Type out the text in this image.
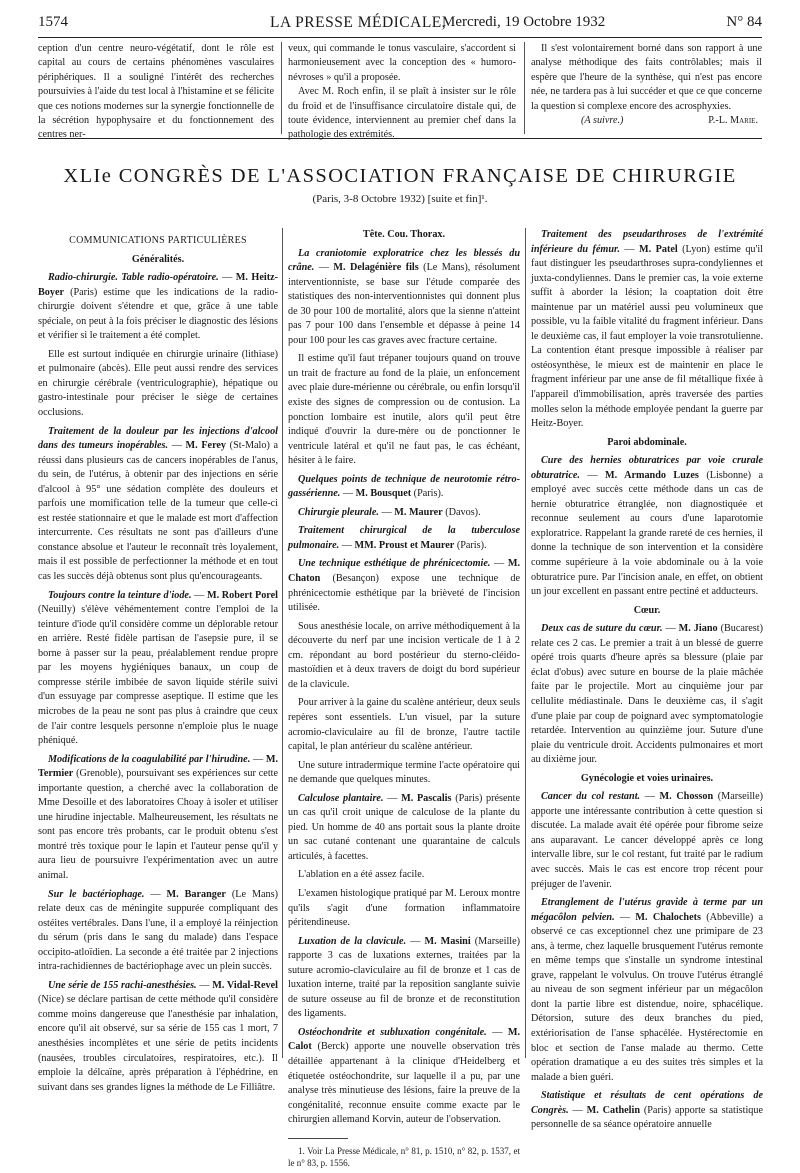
1574	LA PRESSE MÉDICALE,
Mercredi, 19 Octobre 1932	N° 84

ception d'un centre neuro-végétatif, dont le rôle est capital au cours de certains phénomènes vasculaires périphériques. Il a souligné l'intérêt des recherches poursuivies à l'aide du test local à l'histamine et se félicite que ces notions modernes sur la synergie fonctionnelle de la sécrétion hypophysaire et du fonctionnement des centres ner-

veux, qui commande le tonus vasculaire, s'accordent si harmonieusement avec la conception des « humoro-névroses » qu'il a proposée.

Avec M. Roch enfin, il se plaît à insister sur le rôle du froid et de l'insuffisance circulatoire distale qui, de toute évidence, interviennent au premier chef dans la pathologie des extrémités.

Il s'est volontairement borné dans son rapport à une analyse méthodique des faits contrôlables; mais il espère que l'heure de la synthèse, qui n'est pas encore née, ne tardera pas à lui succéder et que ce que concerne la question si complexe encore des acrosphyxies.

(A suivre.)	P.-L. Marie.

XLIe CONGRÈS DE L'ASSOCIATION FRANÇAISE DE CHIRURGIE
(Paris, 3-8 Octobre 1932) [suite et fin]¹.
COMMUNICATIONS PARTICULIÈRES
Généralités.

Radio-chirurgie. Table radio-opératoire. — M. Heitz-Boyer (Paris) estime que les indications de la radio-chirurgie doivent s'étendre et que, grâce à une table spéciale, on peut à la fois préciser le diagnostic des lésions et vérifier si le traitement a été complet.

Elle est surtout indiquée en chirurgie urinaire (lithiase) et pulmonaire (abcès). Elle peut aussi rendre des services en chirurgie cérébrale (ventriculographie), hépatique ou gastro-intestinale pour préciser le siège de certaines occlusions.

Traitement de la douleur par les injections d'alcool dans des tumeurs inopérables. — M. Ferey (St-Malo) a réussi dans plusieurs cas de cancers inopérables de l'anus, du sein, de l'utérus, à obtenir par des injections en série d'alcool à 95° une sédation complète des douleurs et parfois une momification telle de la tumeur que celle-ci est restée stationnaire et que le malade est mort d'affection intercurrente. Ces résultats ne sont pas d'ailleurs d'une constance absolue et l'auteur le reconnaît très loyalement, mais il est possible de perfectionner la méthode et en tout cas les succès déjà obtenus sont plus qu'encourageants.

Toujours contre la teinture d'iode. — M. Robert Porel (Neuilly) s'élève véhémentement contre l'emploi de la teinture d'iode qu'il considère comme un déplorable retour en arrière. Resté fidèle partisan de l'asepsie pure, il se borne à passer sur la peau, préalablement rendue propre par les moyens hygiéniques banaux, un coup de compresse stérile imbibée de savon liquide stérile suivi d'un essuyage par compresse aseptique. Il estime que les microbes de la peau ne sont pas plus à craindre que ceux de l'air contre lesquels personne n'emploie plus le nuage phéniqué.

Modifications de la coagulabilité par l'hirudine. — M. Termier (Grenoble), poursuivant ses expériences sur cette importante question, a cherché avec la collaboration de Mme Desoille et des laboratoires Choay à isoler et utiliser une hirudine injectable. Malheureusement, les résultats ne sont pas encore très probants, car le produit obtenu s'est montré très toxique pour le lapin et l'auteur pense qu'il y aura lieu de poursuivre l'expérimentation avec un autre animal.

Sur le bactériophage. — M. Baranger (Le Mans) relate deux cas de méningite suppurée compliquant des ostéites vertébrales. Dans l'une, il a employé la réinjection du sérum (pris dans le sang du malade) dans l'espace occipito-atloïdien. La seconde a été traitée par 2 injections intra-rachidiennes de bactériophage avec un plein succès.

Une série de 155 rachi-anesthésies. — M. Vidal-Revel (Nice) se déclare partisan de cette méthode qu'il considère comme moins dangereuse que l'anesthésie par inhalation, encore qu'il ait observé, sur sa série de 155 cas 1 mort, 7 anesthésies incomplètes et une série de petits incidents (nausées, troubles circulatoires, respiratoires, etc.). Il emploie la délcaïne, après préparation à l'éphédrine, en suivant dans ses grandes lignes la méthode de Le Filliâtre.

Tête. Cou. Thorax.

La craniotomie exploratrice chez les blessés du crâne. — M. Delagénière fils (Le Mans), résolument interventionniste, se base sur l'étude comparée des statistiques des non-interventionnistes qui donnent plus de 30 pour 100 de mortalité, alors que la sienne n'atteint pas 7 pour 100 dans l'ensemble et dépasse à peine 14 pour 100 pour les cas graves avec fracture certaine.

Il estime qu'il faut trépaner toujours quand on trouve un trait de fracture au fond de la plaie, un enfoncement avec plaie dure-mérienne ou cérébrale, ou enfin lorsqu'il existe des signes de compression ou de contusion. La ponction lombaire est inutile, alors qu'il peut être indiqué d'ouvrir la dure-mère ou de ponctionner le ventricule latéral et qu'il ne faut pas, le cas échéant, hésiter à le faire.

Quelques points de technique de neurotomie rétro-gassérienne. — M. Bousquet (Paris).

Chirurgie pleurale. — M. Maurer (Davos).

Traitement chirurgical de la tuberculose pulmonaire. — MM. Proust et Maurer (Paris).

Une technique esthétique de phrénicectomie. — M. Chaton (Besançon) expose une technique de phrénicectomie esthétique par la brièveté de l'incision utilisée.

Sous anesthésie locale, on arrive méthodiquement à la découverte du nerf par une incision verticale de 1 à 2 cm. répondant au bord postérieur du sterno-cléido-mastoïdien et à deux travers de doigt du bord supérieur de la clavicule.

Pour arriver à la gaine du scalène antérieur, deux seuls repères sont essentiels. L'un visuel, par la suture acromio-claviculaire au fil de bronze, l'autre tactile capital, le plan antérieur du scalène antérieur.

Une suture intradermique termine l'acte opératoire qui ne demande que quelques minutes.

Calculose plantaire. — M. Pascalis (Paris) présente un cas qu'il croit unique de calculose de la plante du pied. Un homme de 40 ans portait sous la plante droite un sac cutané contenant une quarantaine de calculs articulés, à facettes.

L'ablation en a été assez facile.

L'examen histologique pratiqué par M. Leroux montre qu'ils s'agit d'une formation inflammatoire péritendineuse.

Luxation de la clavicule. — M. Masini (Marseille) rapporte 3 cas de luxations externes, traitées par la suture acromio-claviculaire au fil de bronze et 1 cas de luxation interne, traité par la reposition sanglante suivie de suture osseuse au fil de bronze et de reconstitution des ligaments.

Ostéochondrite et subluxation congénitale. — M. Calot (Berck) apporte une nouvelle observation très détaillée appartenant à la clinique d'Heidelberg et étiquetée ostéochondrite, sur laquelle il a pu, par une analyse très minutieuse des lésions, faire la preuve de la congénitalité, reconnue ensuite comme exacte par le chirurgien allemand Korvin, auteur de l'observation.

1. Voir La Presse Médicale, n° 81, p. 1510, n° 82, p. 1537, et le n° 83, p. 1556.

Traitement des pseudarthroses de l'extrémité inférieure du fémur. — M. Patel (Lyon) estime qu'il faut distinguer les pseudarthroses supra-condyliennes et juxta-condyliennes. Dans le premier cas, la voie externe suffit à aborder la lésion; la coaptation doit être maintenue par un matériel aussi peu volumineux que possible, vu la faible vitalité du fragment inférieur. Dans le deuxième cas, il faut employer la voie transrotulienne. La contention étant presque impossible à réaliser par ostéosynthèse, le mieux est de maintenir en place le fragment inférieur par une anse de fil métallique fixée à l'appareil d'immobilisation, après traversée des parties molles selon la méthode employée pendant la guerre par Heitz-Boyer.

Paroi abdominale.

Cure des hernies obturatrices par voie crurale obturatrice. — M. Armando Luzes (Lisbonne) a employé avec succès cette méthode dans un cas de hernie obturatrice étranglée, non diagnostiquée et reconnue seulement au cours d'une laparotomie exploratrice. Rappelant la grande rareté de ces hernies, il donne la technique de son intervention et la considère comme supérieure à la voie abdominale ou à la voie obturatrice pure. Par l'incision anale, en effet, on obtient un jour excellent en passant entre pectiné et adducteurs.

Cœur.

Deux cas de suture du cœur. — M. Jiano (Bucarest) relate ces 2 cas. Le premier a trait à un blessé de guerre opéré trois quarts d'heure après sa blessure (plaie par éclat d'obus) avec suture en bourse de la plaie mâchée faite par le projectile. Mort au cinquième jour par cellulite médiastinale. Dans le deuxième cas, il s'agit d'une plaie par coup de poignard avec symptomatologie retardée. Intervention au quinzième jour. Suture d'une plaie du ventricule droit. Accidents pulmonaires et mort au dixième jour.

Gynécologie et voies urinaires.

Cancer du col restant. — M. Chosson (Marseille) apporte une intéressante contribution à cette question si discutée. La malade avait été opérée pour fibrome seize ans auparavant. Le cancer développé après ce long intervalle libre, sur le col restant, fut traité par le radium avec succès. Mais le cas est encore trop récent pour préjuger de l'avenir.

Etranglement de l'utérus gravide à terme par un mégacôlon pelvien. — M. Chalochets (Abbeville) a observé ce cas exceptionnel chez une primipare de 23 ans, à terme, chez laquelle brusquement l'utérus remonte en même temps que s'installe un syndrome intestinal grave, rappelant le volvulus. On trouve l'utérus étranglé au niveau de son segment inférieur par un mégacôlon dont la partie libre est distendue, noire, sphacélique. Détorsion, suture des deux branches du pied, extériorisation de l'anse sphacélée. Hystérectomie en bloc et section de l'anse malade au thermo. Cette opération dramatique a eu des suites très simples et la malade a bien guéri.

Statistique et résultats de cent opérations de Congrès. — M. Cathelin (Paris) apporte sa statistique personnelle de sa séance opératoire annuelle
